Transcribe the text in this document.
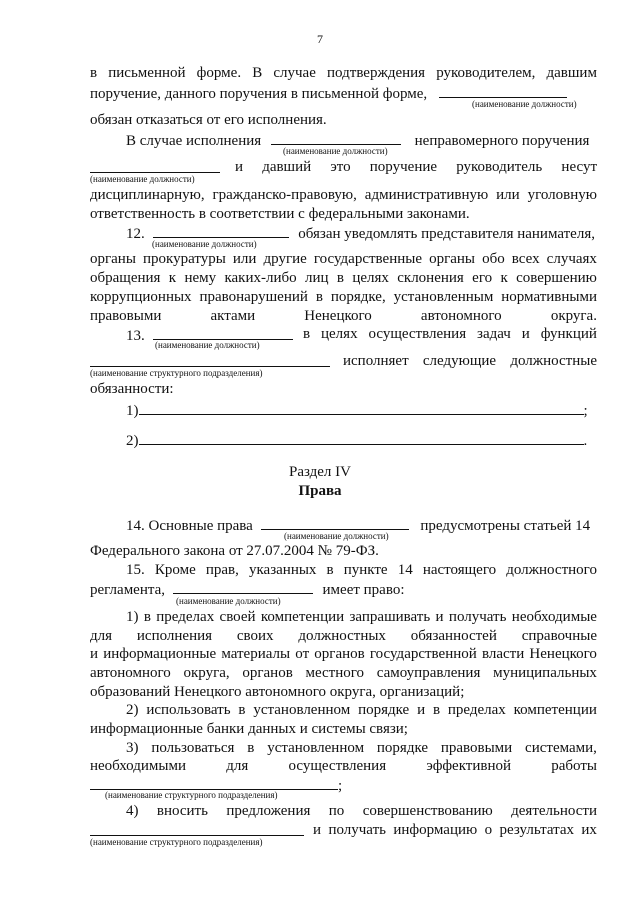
7
в письменной форме. В случае подтверждения руководителем, давшим
поручение, данного поручения в письменной форме,
(наименование должности)
обязан отказаться от его исполнения.
В случае исполнения	неправомерного поручения
(наименование должности)
и давший это поручение руководитель несут
(наименование должности)
дисциплинарную, гражданско-правовую, административную или уголовную
ответственность в соответствии с федеральными законами.
12.	обязан уведомлять представителя нанимателя,
(наименование должности)
органы прокуратуры или другие государственные органы обо всех случаях
обращения к нему каких-либо лиц в целях склонения его к совершению
коррупционных правонарушений в порядке, установленным нормативными
правовыми	актами	Ненецкого	автономного	округа.
13.	в целях осуществления задач и функций
(наименование должности)
исполняет следующие должностные
(наименование структурного подразделения)
обязанности:
1)	;
2)	.
Раздел IV
Права
14. Основные права	предусмотрены статьей 14
(наименование должности)
Федерального закона от 27.07.2004 № 79-ФЗ.
15. Кроме прав, указанных в пункте 14 настоящего должностного
регламента,	имеет право:
(наименование должности)
1) в пределах своей компетенции запрашивать и получать необходимые
для исполнения своих должностных обязанностей справочные
и информационные материалы от органов государственной власти Ненецкого
автономного округа, органов местного самоуправления муниципальных
образований Ненецкого автономного округа, организаций;
2) использовать в установленном порядке и в пределах компетенции
информационные банки данных и системы связи;
3) пользоваться в установленном порядке правовыми системами,
необходимыми	для	осуществления	эффективной	работы
;
(наименование структурного подразделения)
4) вносить предложения по совершенствованию деятельности
и получать информацию о результатах их
(наименование структурного подразделения)
